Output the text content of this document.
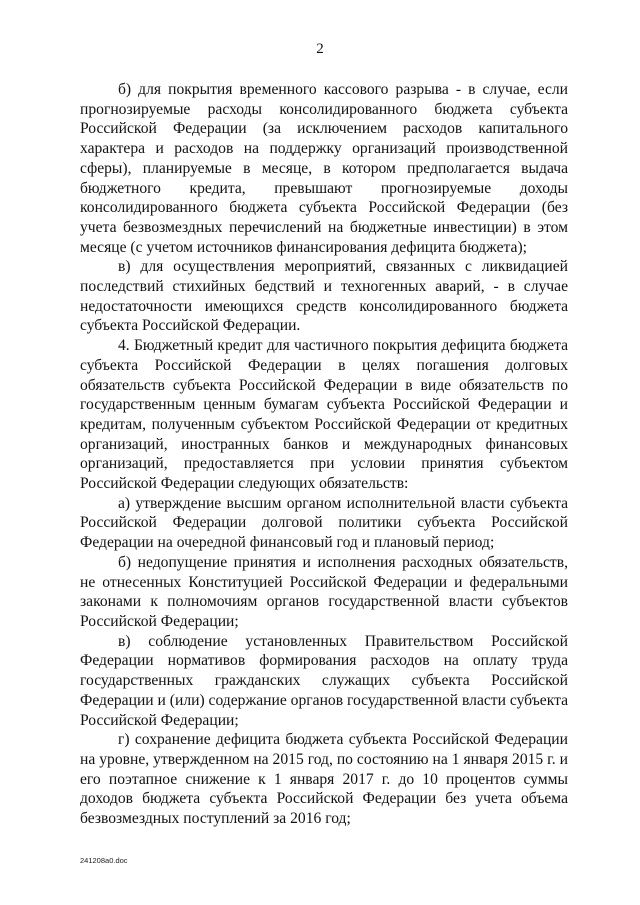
2

б) для покрытия временного кассового разрыва - в случае, если прогнозируемые расходы консолидированного бюджета субъекта Российской Федерации (за исключением расходов капитального характера и расходов на поддержку организаций производственной сферы), планируемые в месяце, в котором предполагается выдача бюджетного кредита, превышают прогнозируемые доходы консолидированного бюджета субъекта Российской Федерации (без учета безвозмездных перечислений на бюджетные инвестиции) в этом месяце (с учетом источников финансирования дефицита бюджета);

в) для осуществления мероприятий, связанных с ликвидацией последствий стихийных бедствий и техногенных аварий, - в случае недостаточности имеющихся средств консолидированного бюджета субъекта Российской Федерации.

4. Бюджетный кредит для частичного покрытия дефицита бюджета субъекта Российской Федерации в целях погашения долговых обязательств субъекта Российской Федерации в виде обязательств по государственным ценным бумагам субъекта Российской Федерации и кредитам, полученным субъектом Российской Федерации от кредитных организаций, иностранных банков и международных финансовых организаций, предоставляется при условии принятия субъектом Российской Федерации следующих обязательств:

а) утверждение высшим органом исполнительной власти субъекта Российской Федерации долговой политики субъекта Российской Федерации на очередной финансовый год и плановый период;

б) недопущение принятия и исполнения расходных обязательств, не отнесенных Конституцией Российской Федерации и федеральными законами к полномочиям органов государственной власти субъектов Российской Федерации;

в) соблюдение установленных Правительством Российской Федерации нормативов формирования расходов на оплату труда государственных гражданских служащих субъекта Российской Федерации и (или) содержание органов государственной власти субъекта Российской Федерации;

г) сохранение дефицита бюджета субъекта Российской Федерации на уровне, утвержденном на 2015 год, по состоянию на 1 января 2015 г. и его поэтапное снижение к 1 января 2017 г. до 10 процентов суммы доходов бюджета субъекта Российской Федерации без учета объема безвозмездных поступлений за 2016 год;

241208a0.doc
